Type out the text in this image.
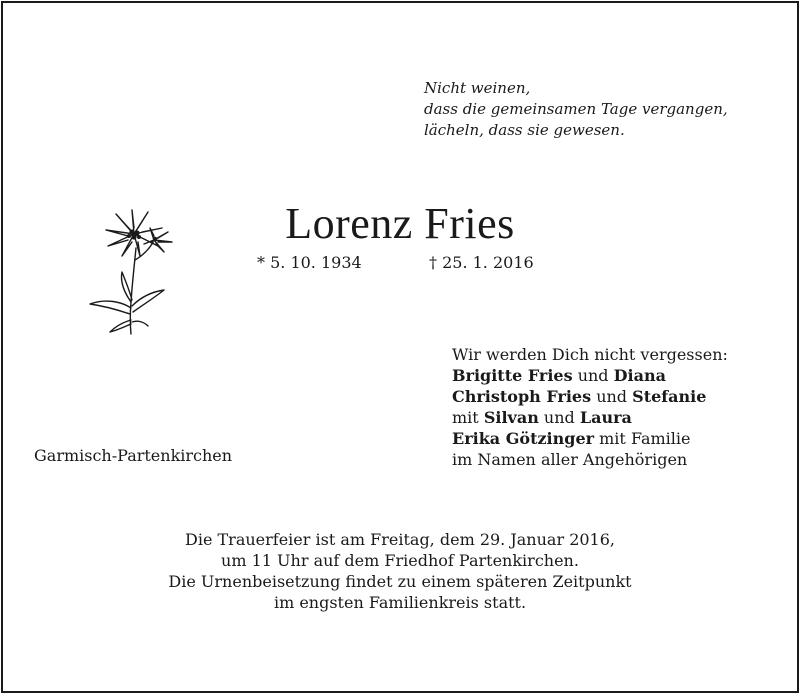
Nicht weinen,
dass die gemeinsamen Tage vergangen,
lächeln, dass sie gewesen.
Lorenz Fries
* 5. 10. 1934	† 25. 1. 2016
Wir werden Dich nicht vergessen:
Brigitte Fries und Diana
Christoph Fries und Stefanie
mit Silvan und Laura
Erika Götzinger mit Familie
im Namen aller Angehörigen
Garmisch-Partenkirchen
Die Trauerfeier ist am Freitag, dem 29. Januar 2016,
um 11 Uhr auf dem Friedhof Partenkirchen.
Die Urnenbeisetzung findet zu einem späteren Zeitpunkt
im engsten Familienkreis statt.
